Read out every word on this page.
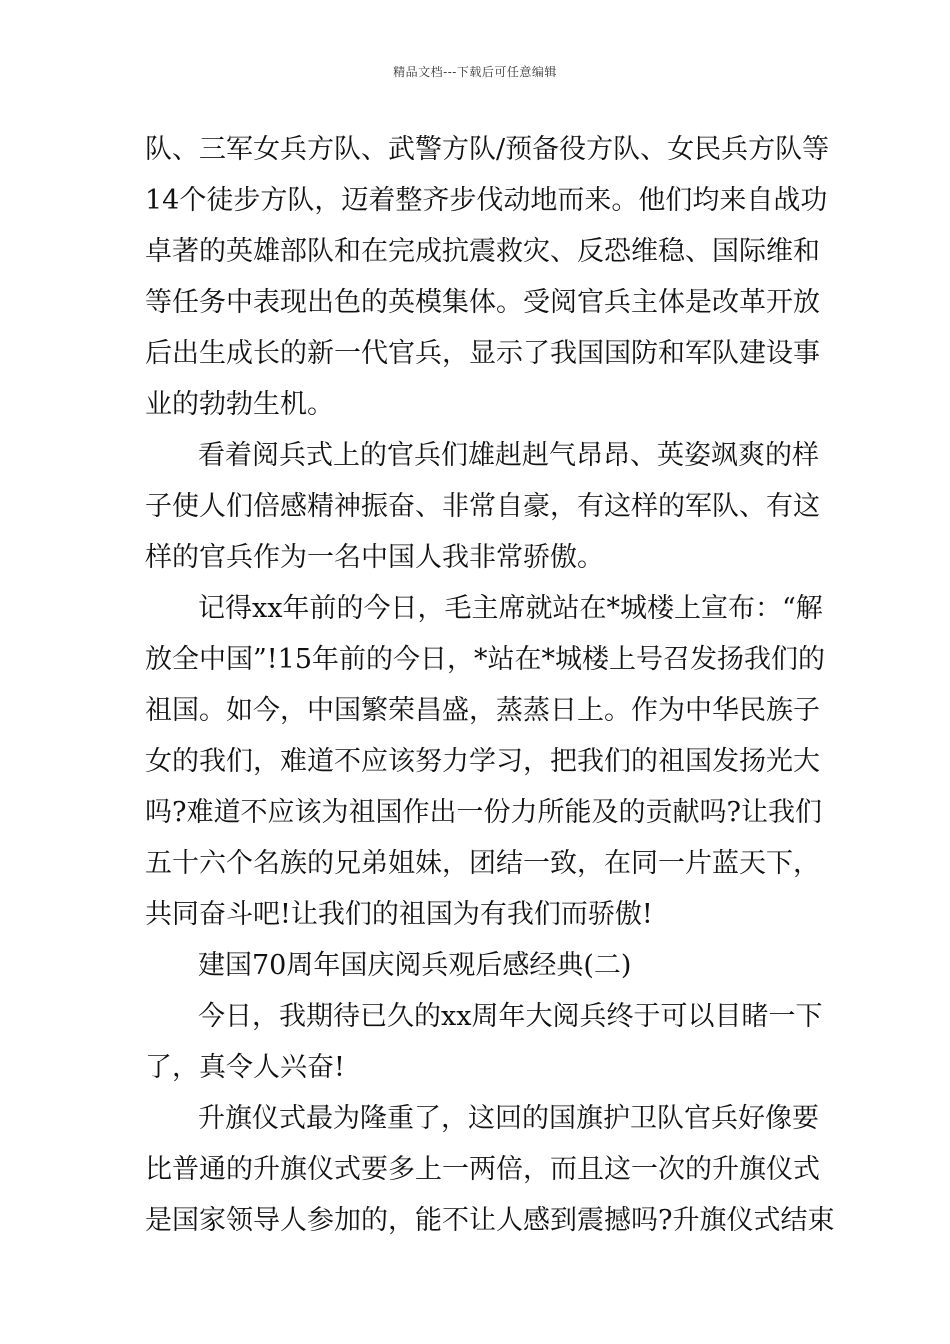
精品文档---下载后可任意编辑
队、三军女兵方队、武警方队/预备役方队、女民兵方队等
14个徒步方队，迈着整齐步伐动地而来。他们均来自战功
卓著的英雄部队和在完成抗震救灾、反恐维稳、国际维和
等任务中表现出色的英模集体。受阅官兵主体是改革开放
后出生成长的新一代官兵，显示了我国国防和军队建设事
业的勃勃生机。
看着阅兵式上的官兵们雄赳赳气昂昂、英姿飒爽的样
子使人们倍感精神振奋、非常自豪，有这样的军队、有这
样的官兵作为一名中国人我非常骄傲。
记得xx年前的今日，毛主席就站在*城楼上宣布：“解
放全中国”!15年前的今日，*站在*城楼上号召发扬我们的
祖国。如今，中国繁荣昌盛，蒸蒸日上。作为中华民族子
女的我们，难道不应该努力学习，把我们的祖国发扬光大
吗?难道不应该为祖国作出一份力所能及的贡献吗?让我们
五十六个名族的兄弟姐妹，团结一致，在同一片蓝天下，
共同奋斗吧!让我们的祖国为有我们而骄傲!
建国70周年国庆阅兵观后感经典(二)
今日，我期待已久的xx周年大阅兵终于可以目睹一下
了，真令人兴奋!
升旗仪式最为隆重了，这回的国旗护卫队官兵好像要
比普通的升旗仪式要多上一两倍，而且这一次的升旗仪式
是国家领导人参加的，能不让人感到震撼吗?升旗仪式结束
